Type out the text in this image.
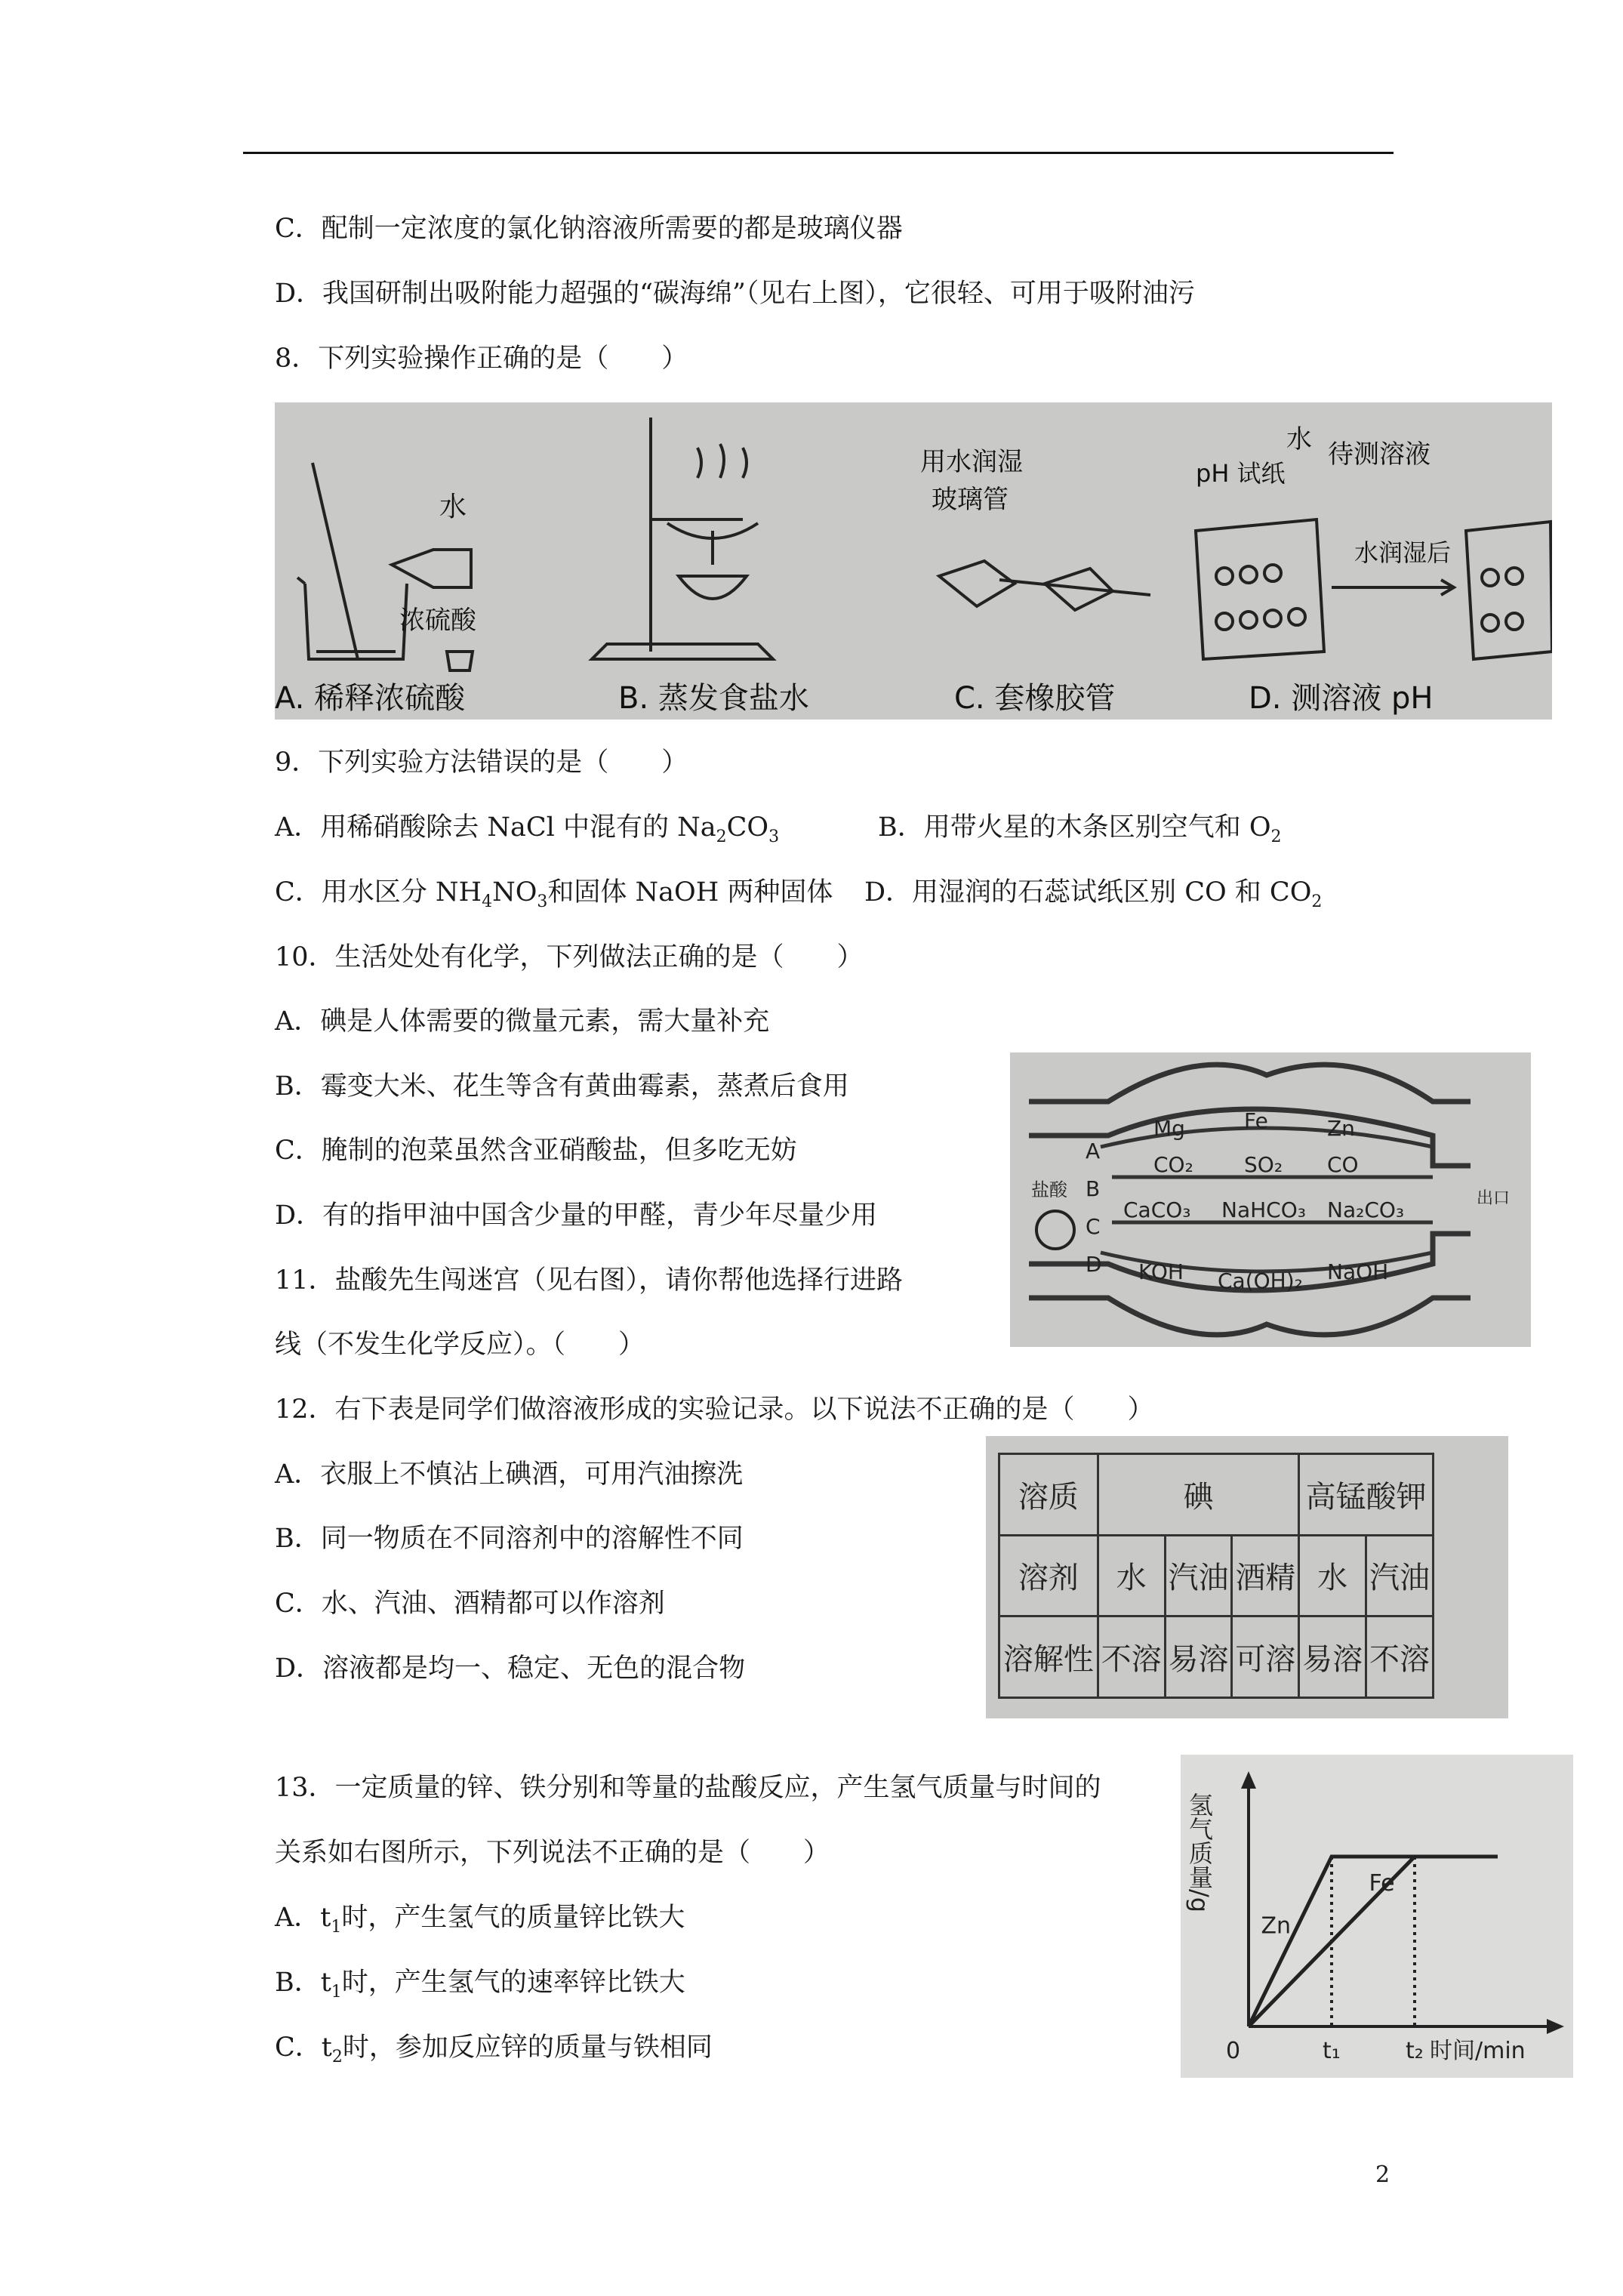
C．配制一定浓度的氯化钠溶液所需要的都是玻璃仪器
D．我国研制出吸附能力超强的“碳海绵”（见右上图），它很轻、可用于吸附油污
8．下列实验操作正确的是（　　）
水
浓硫酸
用水润湿
玻璃管
pH 试纸
水
水润湿后
待测溶液
A. 稀释浓硫酸	B. 蒸发食盐水	C. 套橡胶管	D. 测溶液 pH
9．下列实验方法错误的是（　　）
A．用稀硝酸除去 NaCl 中混有的 $Na_2CO_3$	B．用带火星的木条区别空气和 $O_2$
C．用水区分 $NH_4NO_3$和固体 NaOH 两种固体 D．用湿润的石蕊试纸区别 CO 和 $CO_2$
10．生活处处有化学，下列做法正确的是（　　）
A．碘是人体需要的微量元素，需大量补充
B．霉变大米、花生等含有黄曲霉素，蒸煮后食用
C．腌制的泡菜虽然含亚硝酸盐，但多吃无妨
D．有的指甲油中国含少量的甲醛，青少年尽量少用
11．盐酸先生闯迷宫（见右图），请你帮他选择行进路
线（不发生化学反应）。（　　）
盐酸	出口
A
B
C
D
Mg	Fe	Zn
CO₂ SO₂ CO
CaCO₃ NaHCO₃ Na₂CO₃
KOH Ca(OH)₂ NaOH
12．右下表是同学们做溶液形成的实验记录。以下说法不正确的是（　　）
A．衣服上不慎沾上碘酒，可用汽油擦洗
B．同一物质在不同溶剂中的溶解性不同
C．水、汽油、酒精都可以作溶剂
D．溶液都是均一、稳定、无色的混合物
溶质	碘			高锰酸钾	
溶剂	水	汽油	酒精	水	汽油
溶解性	不溶	易溶	可溶	易溶	不溶
13．一定质量的锌、铁分别和等量的盐酸反应，产生氢气质量与时间的
关系如右图所示，下列说法不正确的是（　　）
A．$t_1$时，产生氢气的质量锌比铁大
B．$t_1$时，产生氢气的速率锌比铁大
C．$t_2$时，参加反应锌的质量与铁相同
氢气质量/g
时间/min
Zn
Fe
0	t₁	t₂
2
